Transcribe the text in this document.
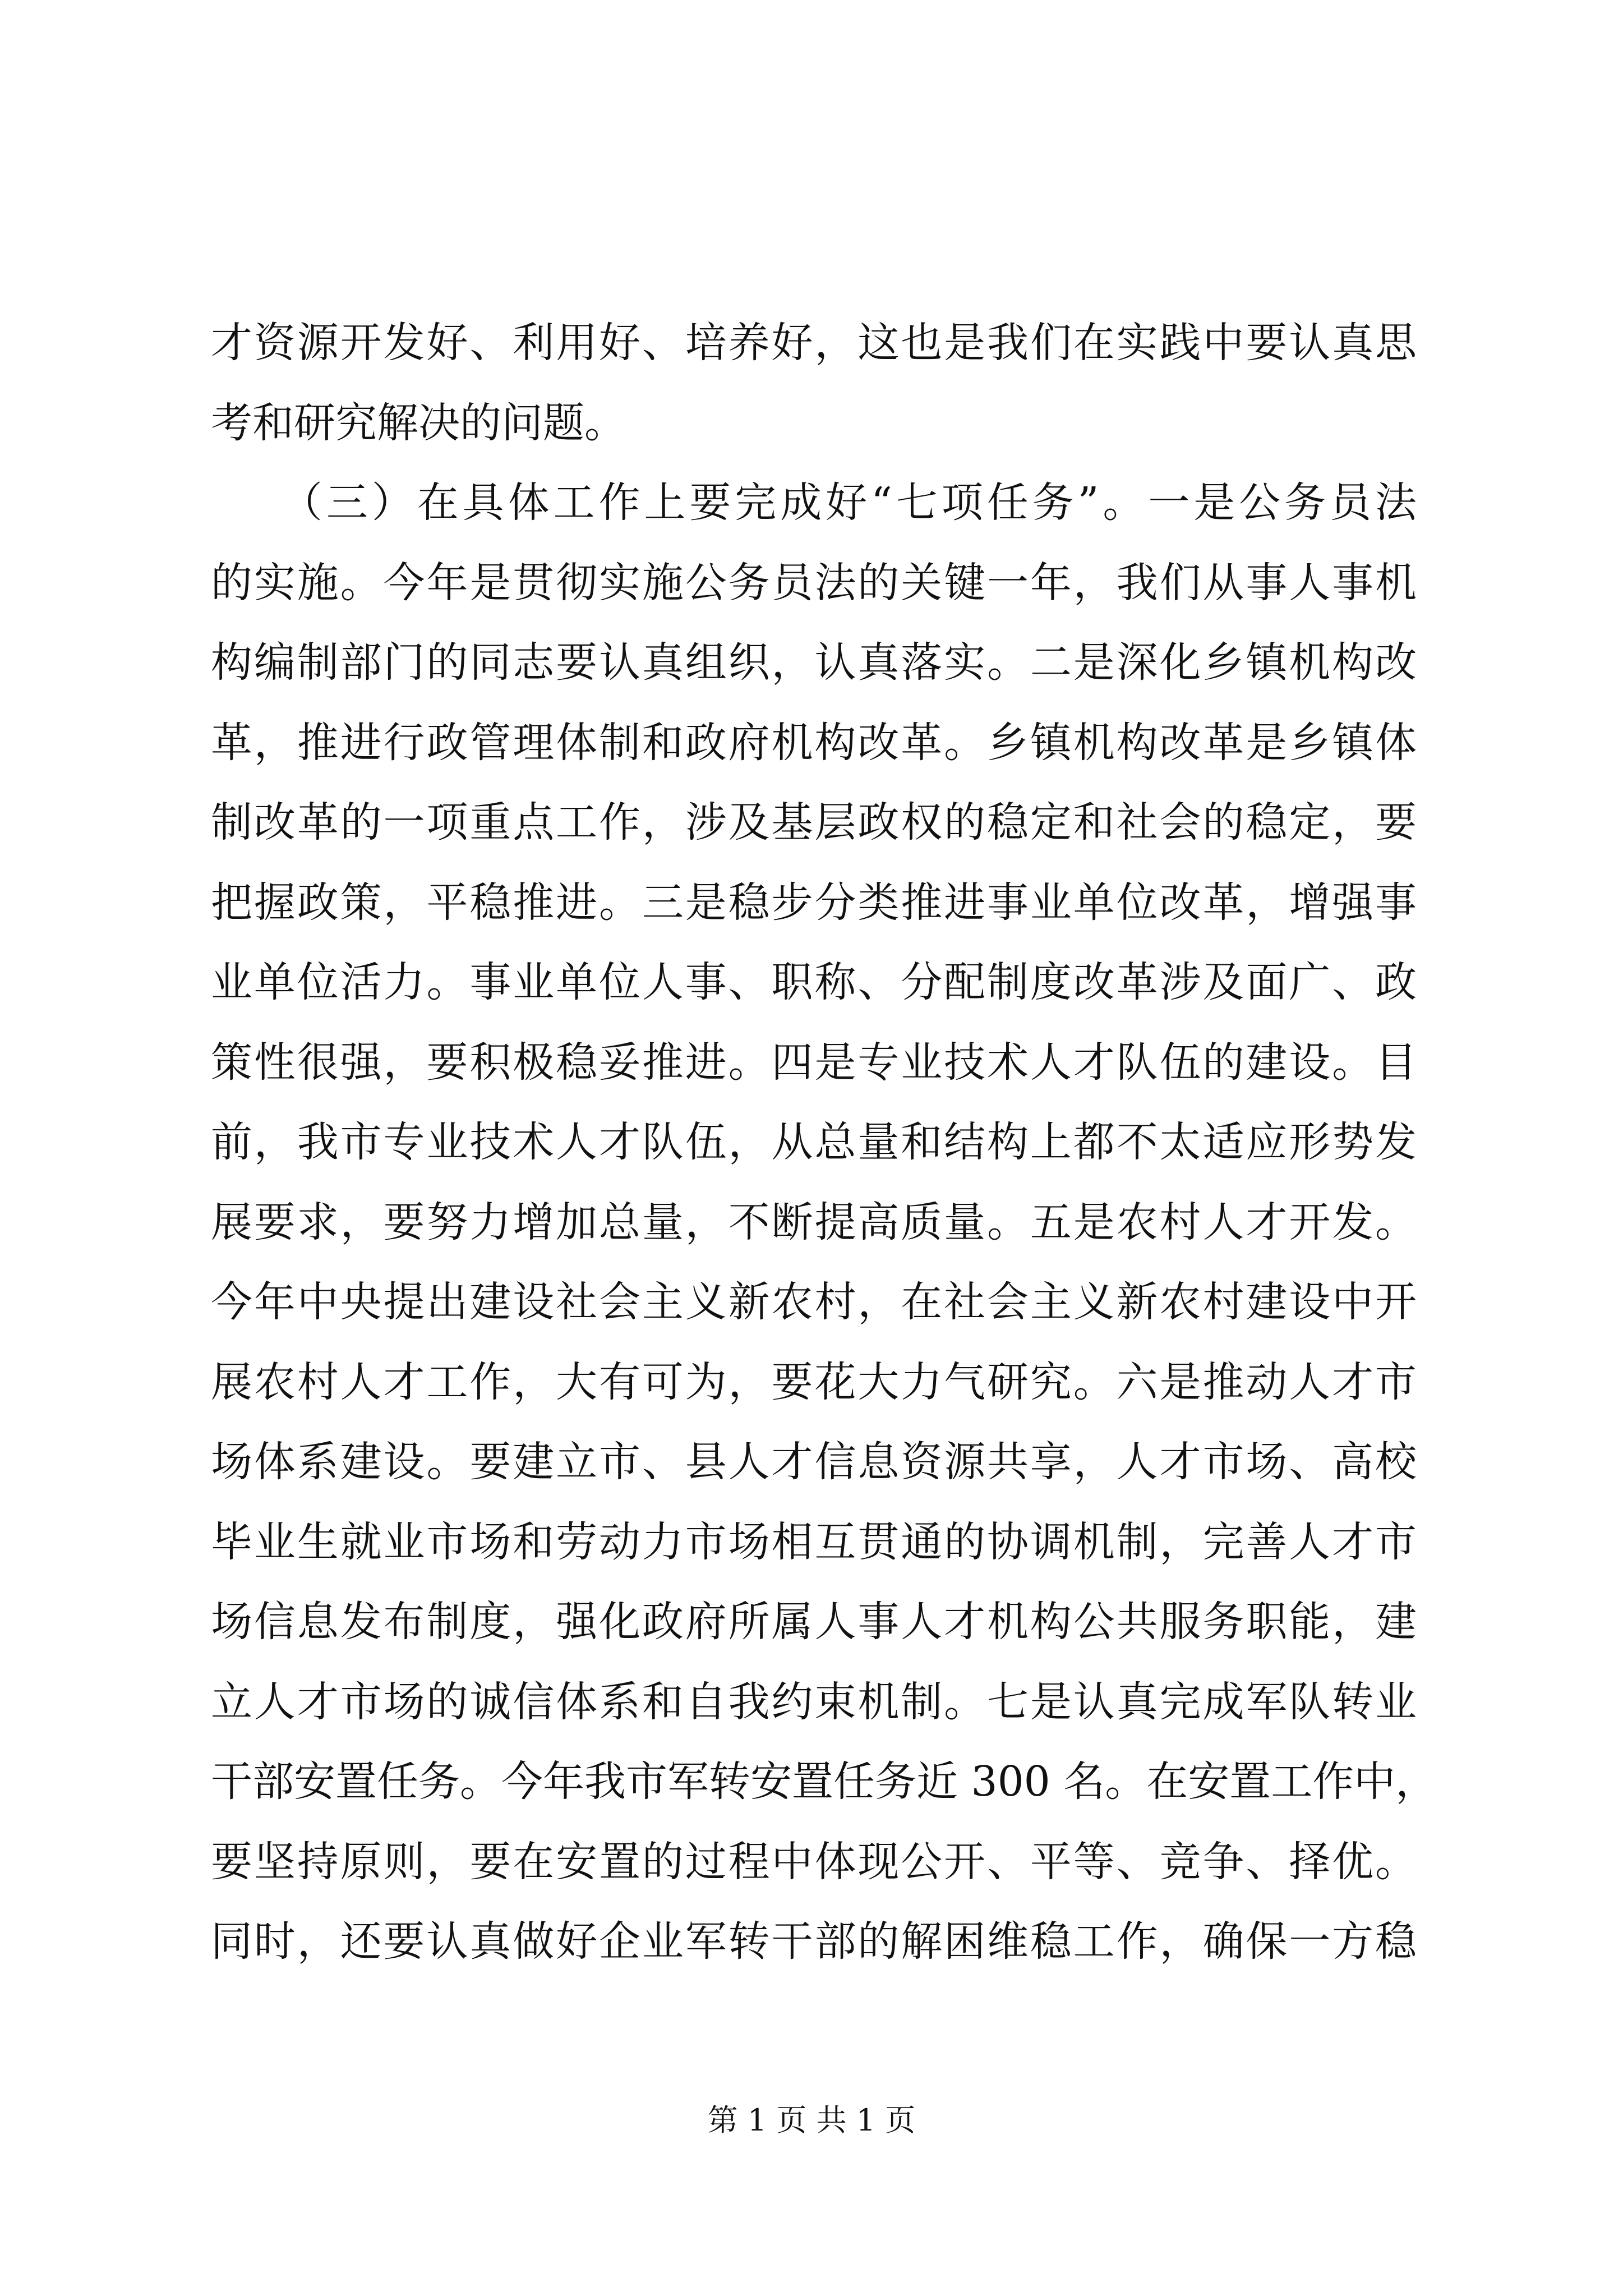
才资源开发好、利用好、培养好，这也是我们在实践中要认真思
考和研究解决的问题。
　　（三）在具体工作上要完成好“七项任务”。一是公务员法
的实施。今年是贯彻实施公务员法的关键一年，我们从事人事机
构编制部门的同志要认真组织，认真落实。二是深化乡镇机构改
革，推进行政管理体制和政府机构改革。乡镇机构改革是乡镇体
制改革的一项重点工作，涉及基层政权的稳定和社会的稳定，要
把握政策，平稳推进。三是稳步分类推进事业单位改革，增强事
业单位活力。事业单位人事、职称、分配制度改革涉及面广、政
策性很强，要积极稳妥推进。四是专业技术人才队伍的建设。目
前，我市专业技术人才队伍，从总量和结构上都不太适应形势发
展要求，要努力增加总量，不断提高质量。五是农村人才开发。
今年中央提出建设社会主义新农村，在社会主义新农村建设中开
展农村人才工作，大有可为，要花大力气研究。六是推动人才市
场体系建设。要建立市、县人才信息资源共享，人才市场、高校
毕业生就业市场和劳动力市场相互贯通的协调机制，完善人才市
场信息发布制度，强化政府所属人事人才机构公共服务职能，建
立人才市场的诚信体系和自我约束机制。七是认真完成军队转业
干部安置任务。今年我市军转安置任务近 300 名。在安置工作中，
要坚持原则，要在安置的过程中体现公开、平等、竞争、择优。
同时，还要认真做好企业军转干部的解困维稳工作，确保一方稳
第 1 页 共 1 页
